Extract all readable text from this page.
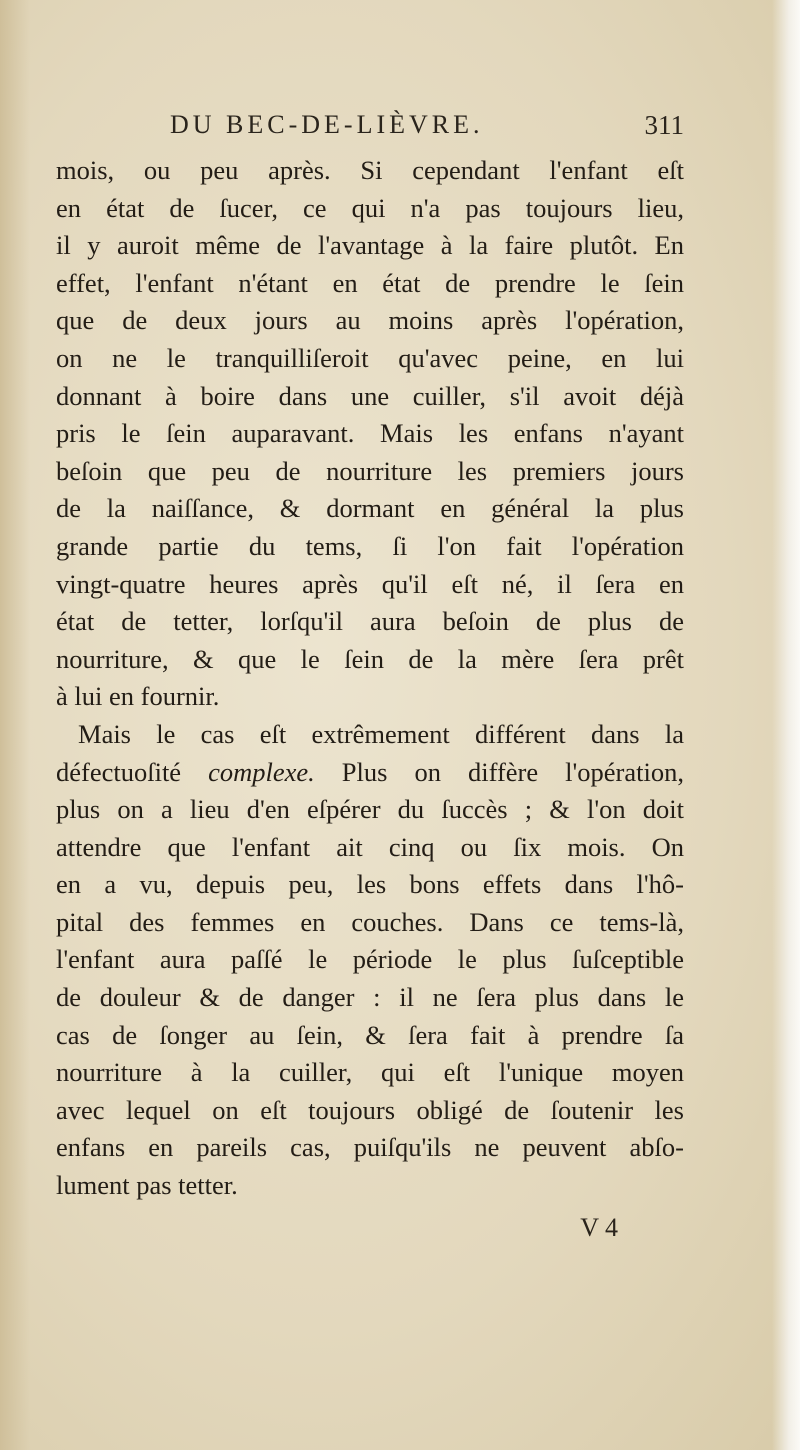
DU BEC-DE-LIÈVRE.	311
mois, ou peu après. Si cependant l'enfant eſt
en état de ſucer, ce qui n'a pas toujours lieu,
il y auroit même de l'avantage à la faire plutôt. En
effet, l'enfant n'étant en état de prendre le ſein
que de deux jours au moins après l'opération,
on ne le tranquilliſeroit qu'avec peine, en lui
donnant à boire dans une cuiller, s'il avoit déjà
pris le ſein auparavant. Mais les enfans n'ayant
beſoin que peu de nourriture les premiers jours
de la naiſſance, & dormant en général la plus
grande partie du tems, ſi l'on fait l'opération
vingt-quatre heures après qu'il eſt né, il ſera en
état de tetter, lorſqu'il aura beſoin de plus de
nourriture, & que le ſein de la mère ſera prêt
à lui en fournir.
Mais le cas eſt extrêmement différent dans la
défectuoſité complexe. Plus on diffère l'opération,
plus on a lieu d'en eſpérer du ſuccès ; & l'on doit
attendre que l'enfant ait cinq ou ſix mois. On
en a vu, depuis peu, les bons effets dans l'hô-
pital des femmes en couches. Dans ce tems-là,
l'enfant aura paſſé le période le plus ſuſceptible
de douleur & de danger : il ne ſera plus dans le
cas de ſonger au ſein, & ſera fait à prendre ſa
nourriture à la cuiller, qui eſt l'unique moyen
avec lequel on eſt toujours obligé de ſoutenir les
enfans en pareils cas, puiſqu'ils ne peuvent abſo-
lument pas tetter.
V 4
